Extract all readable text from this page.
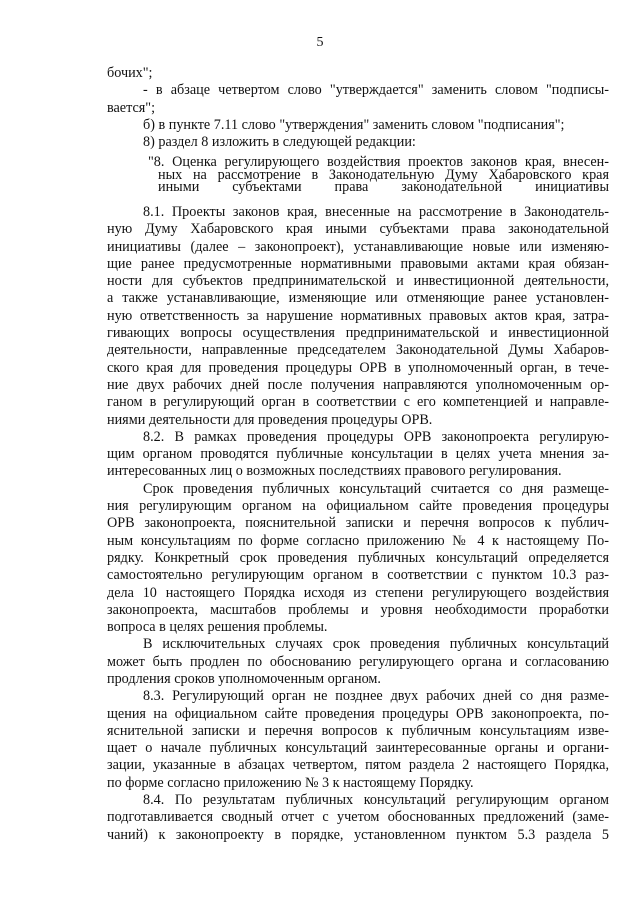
5
бочих";
- в абзаце четвертом слово "утверждается" заменить словом "подписы-
вается";
б) в пункте 7.11 слово "утверждения" заменить словом "подписания";
8) раздел 8 изложить в следующей редакции:
"8. Оценка регулирующего воздействия проектов законов края, внесен-
ных на рассмотрение в Законодательную Думу Хабаровского края
иными субъектами права законодательной инициативы
8.1. Проекты законов края, внесенные на рассмотрение в Законодатель-
ную Думу Хабаровского края иными субъектами права законодательной
инициативы (далее – законопроект), устанавливающие новые или изменяю-
щие ранее предусмотренные нормативными правовыми актами края обязан-
ности для субъектов предпринимательской и инвестиционной деятельности,
а также устанавливающие, изменяющие или отменяющие ранее установлен-
ную ответственность за нарушение нормативных правовых актов края, затра-
гивающих вопросы осуществления предпринимательской и инвестиционной
деятельности, направленные председателем Законодательной Думы Хабаров-
ского края для проведения процедуры ОРВ в уполномоченный орган, в тече-
ние двух рабочих дней после получения направляются уполномоченным ор-
ганом в регулирующий орган в соответствии с его компетенцией и направле-
ниями деятельности для проведения процедуры ОРВ.
8.2. В рамках проведения процедуры ОРВ законопроекта регулирую-
щим органом проводятся публичные консультации в целях учета мнения за-
интересованных лиц о возможных последствиях правового регулирования.
Срок проведения публичных консультаций считается со дня размеще-
ния регулирующим органом на официальном сайте проведения процедуры
ОРВ законопроекта, пояснительной записки и перечня вопросов к публич-
ным консультациям по форме согласно приложению № 4 к настоящему По-
рядку. Конкретный срок проведения публичных консультаций определяется
самостоятельно регулирующим органом в соответствии с пунктом 10.3 раз-
дела 10 настоящего Порядка исходя из степени регулирующего воздействия
законопроекта, масштабов проблемы и уровня необходимости проработки
вопроса в целях решения проблемы.
В исключительных случаях срок проведения публичных консультаций
может быть продлен по обоснованию регулирующего органа и согласованию
продления сроков уполномоченным органом.
8.3. Регулирующий орган не позднее двух рабочих дней со дня разме-
щения на официальном сайте проведения процедуры ОРВ законопроекта, по-
яснительной записки и перечня вопросов к публичным консультациям изве-
щает о начале публичных консультаций заинтересованные органы и органи-
зации, указанные в абзацах четвертом, пятом раздела 2 настоящего Порядка,
по форме согласно приложению № 3 к настоящему Порядку.
8.4. По результатам публичных консультаций регулирующим органом
подготавливается сводный отчет с учетом обоснованных предложений (заме-
чаний) к законопроекту в порядке, установленном пунктом 5.3 раздела 5
